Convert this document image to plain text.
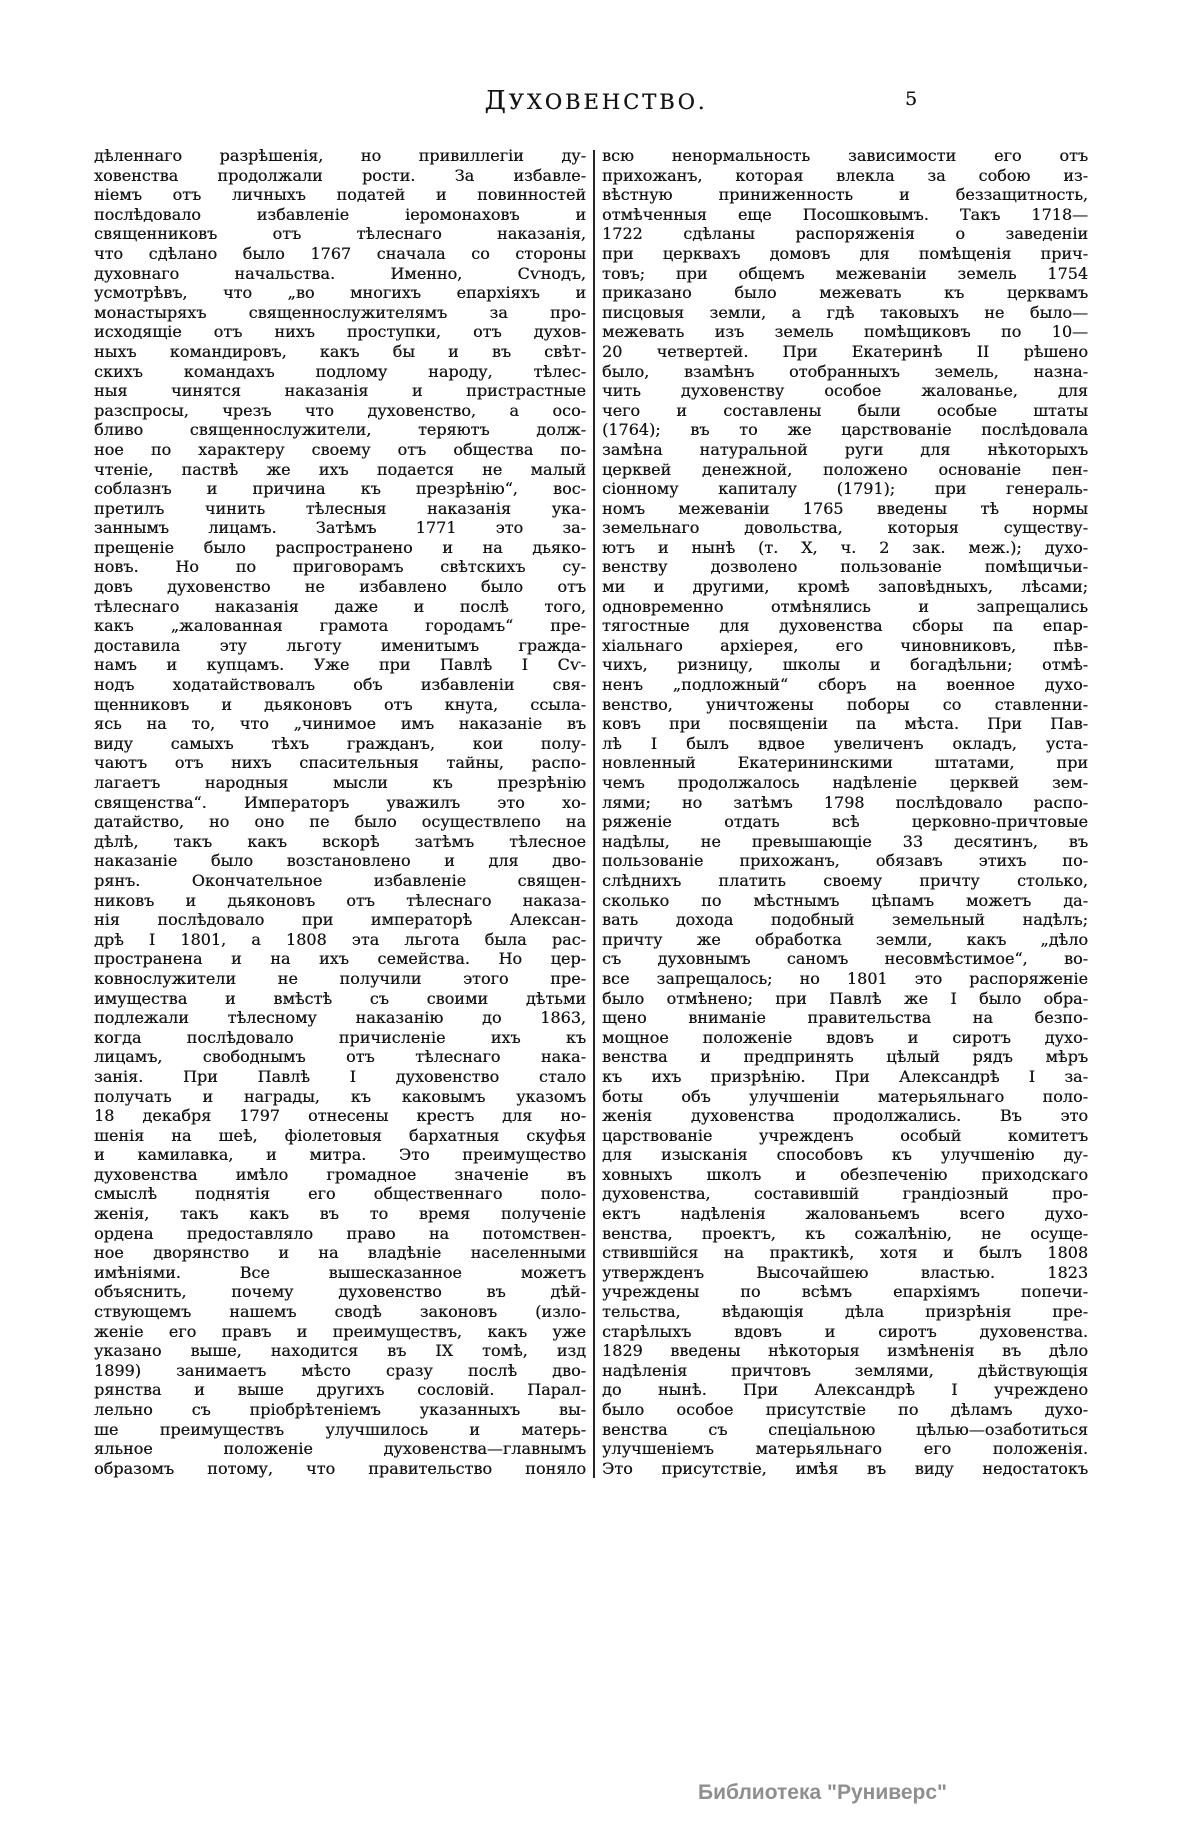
ДУХОВЕНСТВО.	5
дѣленнаго разрѣшенія, но привиллегіи ду-
ховенства продолжали рости. За избавле-
ніемъ отъ личныхъ податей и повинностей
послѣдовало избавленіе іеромонаховъ и
священниковъ отъ тѣлеснаго наказанія,
что сдѣлано было 1767 сначала со стороны
духовнаго начальства. Именно, Сѵнодъ,
усмотрѣвъ, что „во многихъ епархіяхъ и
монастыряхъ священнослужителямъ за про-
исходящіе отъ нихъ проступки, отъ духов-
ныхъ командировъ, какъ бы и въ свѣт-
скихъ командахъ подлому народу, тѣлес-
ныя чинятся наказанія и пристрастные
разспросы, чрезъ что духовенство, а осо-
бливо священнослужители, теряютъ долж-
ное по характеру своему отъ общества по-
чтеніе, паствѣ же ихъ подается не малый
соблазнъ и причина къ презрѣнію“, вос-
претилъ чинить тѣлесныя наказанія ука-
заннымъ лицамъ. Затѣмъ 1771 это за-
прещеніе было распространено и на дьяко-
новъ. Но по приговорамъ свѣтскихъ су-
довъ духовенство не избавлено было отъ
тѣлеснаго наказанія даже и послѣ того,
какъ „жалованная грамота городамъ“ пре-
доставила эту льготу именитымъ гражда-
намъ и купцамъ. Уже при Павлѣ I Сѵ-
нодъ ходатайствовалъ объ избавленіи свя-
щенниковъ и дьяконовъ отъ кнута, ссыла-
ясь на то, что „чинимое имъ наказаніе въ
виду самыхъ тѣхъ гражданъ, кои полу-
чаютъ отъ нихъ спасительныя тайны, распо-
лагаетъ народныя мысли къ презрѣнію
священства“. Императоръ уважилъ это хо-
датайство, но оно пе было осуществлепо на
дѣлѣ, такъ какъ вскорѣ затѣмъ тѣлесное
наказаніе было возстановлено и для дво-
рянъ. Окончательное избавленіе священ-
никовъ и дьяконовъ отъ тѣлеснаго наказа-
нія послѣдовало при императорѣ Алексан-
дрѣ I 1801, а 1808 эта льгота была рас-
пространена и на ихъ семейства. Но цер-
ковнослужители не получили этого пре-
имущества и вмѣстѣ съ своими дѣтьми
подлежали тѣлесному наказанію до 1863,
когда послѣдовало причисленіе ихъ къ
лицамъ, свободнымъ отъ тѣлеснаго нака-
занія. При Павлѣ I духовенство стало
получать и награды, къ каковымъ указомъ
18 декабря 1797 отнесены крестъ для но-
шенія на шеѣ, фіолетовыя бархатныя скуфья
и камилавка, и митра. Это преимущество
духовенства имѣло громадное значеніе въ
смыслѣ поднятія его общественнаго поло-
женія, такъ какъ въ то время полученіе
ордена предоставляло право на потомствен-
ное дворянство и на владѣніе населенными
имѣніями. Все вышесказанное можетъ
объяснить, почему духовенство въ дѣй-
ствующемъ нашемъ сводѣ законовъ (изло-
женіе его правъ и преимуществъ, какъ уже
указано выше, находится въ IX томѣ, изд
1899) занимаетъ мѣсто сразу послѣ дво-
рянства и выше другихъ сословій. Парал-
лельно съ пріобрѣтеніемъ указанныхъ вы-
ше преимуществъ улучшилось и матерь-
яльное положеніе духовенства—главнымъ
образомъ потому, что правительство поняло
всю ненормальность зависимости его отъ
прихожанъ, которая влекла за собою из-
вѣстную приниженность и беззащитность,
отмѣченныя еще Посошковымъ. Такъ 1718—
1722 сдѣланы распоряженія о заведеніи
при церквахъ домовъ для помѣщенія прич-
товъ; при общемъ межеваніи земель 1754
приказано было межевать къ церквамъ
писцовыя земли, а гдѣ таковыхъ не было—
межевать изъ земель помѣщиковъ по 10—
20 четвертей. При Екатеринѣ II рѣшено
было, взамѣнъ отобранныхъ земель, назна-
чить духовенству особое жалованье, для
чего и составлены были особые штаты
(1764); въ то же царствованіе послѣдовала
замѣна натуральной руги для нѣкоторыхъ
церквей денежной, положено основаніе пен-
сіонному капиталу (1791); при генераль-
номъ межеваніи 1765 введены тѣ нормы
земельнаго довольства, которыя существу-
ютъ и нынѣ (т. X, ч. 2 зак. меж.); духо-
венству дозволено пользованіе помѣщичьи-
ми и другими, кромѣ заповѣдныхъ, лѣсами;
одновременно отмѣнялись и запрещались
тягостные для духовенства сборы па епар-
хіальнаго архіерея, его чиновниковъ, пѣв-
чихъ, ризницу, школы и богадѣльни; отмѣ-
ненъ „подложный“ сборъ на военное духо-
венство, уничтожены поборы со ставленни-
ковъ при посвященіи па мѣста. При Пав-
лѣ I былъ вдвое увеличенъ окладъ, уста-
новленный Екатерининскими штатами, при
чемъ продолжалось надѣленіе церквей зем-
лями; но затѣмъ 1798 послѣдовало распо-
ряженіе отдать всѣ церковно-причтовые
надѣлы, не превышающіе 33 десятинъ, въ
пользованіе прихожанъ, обязавъ этихъ по-
слѣднихъ платить своему причту столько,
сколько по мѣстнымъ цѣпамъ можетъ да-
вать дохода подобный земельный надѣлъ;
причту же обработка земли, какъ „дѣло
съ духовнымъ саномъ несовмѣстимое“, во-
все запрещалось; но 1801 это распоряженіе
было отмѣнено; при Павлѣ же I было обра-
щено вниманіе правительства на безпо-
мощное положеніе вдовъ и сиротъ духо-
венства и предпринять цѣлый рядъ мѣръ
къ ихъ призрѣнію. При Александрѣ I за-
боты объ улучшеніи матерьяльнаго поло-
женія духовенства продолжались. Въ это
царствованіе учрежденъ особый комитетъ
для изысканія способовъ къ улучшенію ду-
ховныхъ школъ и обезпеченію приходскаго
духовенства, составившій грандіозный про-
ектъ надѣленія жалованьемъ всего духо-
венства, проектъ, къ сожалѣнію, не осуще-
ствившійся на практикѣ, хотя и былъ 1808
утвержденъ Высочайшею властью. 1823
учреждены по всѣмъ епархіямъ попечи-
тельства, вѣдающія дѣла призрѣнія пре-
старѣлыхъ вдовъ и сиротъ духовенства.
1829 введены нѣкоторыя измѣненія въ дѣло
надѣленія причтовъ землями, дѣйствующія
до нынѣ. При Александрѣ I учреждено
было особое присутствіе по дѣламъ духо-
венства съ спеціальною цѣлью—озаботиться
улучшеніемъ матерьяльнаго его положенія.
Это присутствіе, имѣя въ виду недостатокъ
Библиотека "Руниверс"
